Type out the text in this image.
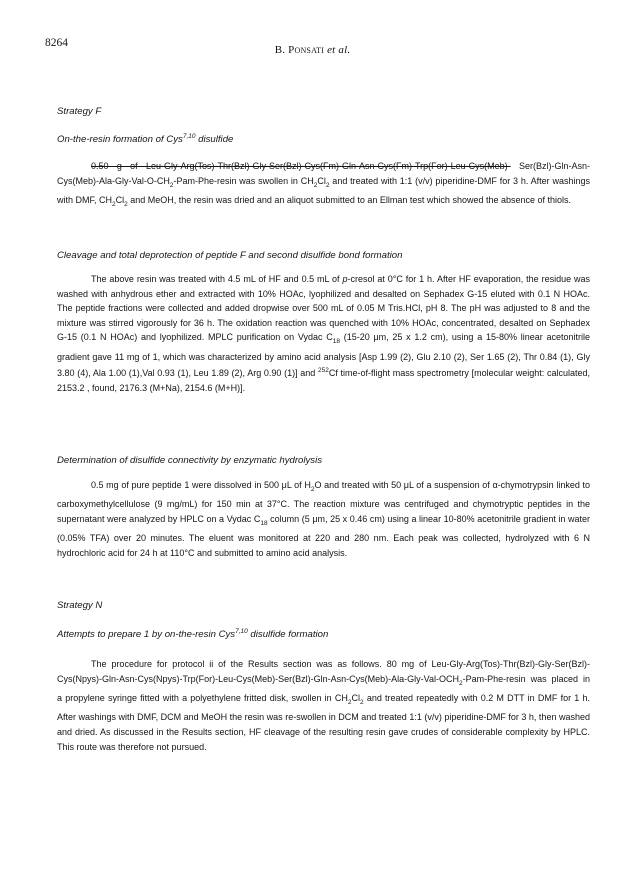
8264
B. Ponsati et al.
Strategy F
On-the-resin formation of Cys$^{7,10}$ disulfide

0.50 g of Leu-Gly-Arg(Tos)-Thr(Bzl)-Gly-Ser(Bzl)-Cys(Fm)-Gln-Asn-Cys(Fm)-Trp(For)-Leu-Cys(Meb)- $Ser(Bzl)-Gln-Asn-Cys(Meb)-Ala-Gly-Val-O-CH_2-Pam-Phe$-resin was swollen in $CH_2Cl_2$ and treated with 1:1 (v/v) piperidine-DMF for 3 h. After washings with DMF, $CH_2Cl_2$ and MeOH, the resin was dried and an aliquot submitted to an Ellman test which showed the absence of thiols.

Cleavage and total deprotection of peptide F and second disulfide bond formation

The above resin was treated with 4.5 mL of HF and 0.5 mL of p-cresol at 0°C for 1 h. After HF evaporation, the residue was washed with anhydrous ether and extracted with 10% HOAc, lyophilized and desalted on Sephadex G-15 eluted with 0.1 N HOAc. The peptide fractions were collected and added dropwise over 500 mL of 0.05 M Tris.HCl, pH 8. The pH was adjusted to 8 and the mixture was stirred vigorously for 36 h. The oxidation reaction was quenched with 10% HOAc, concentrated, desalted on Sephadex G-15 (0.1 N HOAc) and lyophilized. MPLC purification on Vydac $C_{18}$ (15-20 μm, 25 x 1.2 cm), using a 15-80% linear acetonitrile gradient gave 11 mg of 1, which was characterized by amino acid analysis [Asp 1.99 (2), Glu 2.10 (2), Ser 1.65 (2), Thr 0.84 (1), Gly 3.80 (4), Ala 1.00 (1),Val 0.93 (1), Leu 1.89 (2), Arg 0.90 (1)] and $^{252}$Cf time-of-flight mass spectrometry [molecular weight: calculated, 2153.2 , found, 2176.3 (M+Na), 2154.6 (M+H)].

Determination of disulfide connectivity by enzymatic hydrolysis

0.5 mg of pure peptide 1 were dissolved in 500 μL of $H_2O$ and treated with 50 μL of a suspension of α-chymotrypsin linked to carboxymethylcellulose (9 mg/mL) for 150 min at 37°C. The reaction mixture was centrifuged and chymotryptic peptides in the supernatant were analyzed by HPLC on a Vydac $C_{18}$ column (5 μm, 25 x 0.46 cm) using a linear 10-80% acetonitrile gradient in water (0.05% TFA) over 20 minutes. The eluent was monitored at 220 and 280 nm. Each peak was collected, hydrolyzed with 6 N hydrochloric acid for 24 h at 110°C and submitted to amino acid analysis.

Strategy N
Attempts to prepare 1 by on-the-resin Cys$^{7,10}$ disulfide formation

The procedure for protocol ii of the Results section was as follows. 80 mg of Leu-Gly-Arg(Tos)-Thr(Bzl)-Gly-Ser(Bzl)-Cys(Npys)-Gln-Asn-Cys(Npys)-Trp(For)-Leu-Cys(Meb)-Ser(Bzl)-Gln-Asn-Cys(Meb)-Ala-G$ly-Val-OCH_2-Pam-Phe$-resin was placed in a propylene syringe fitted with a polyethylene fritted disk, swollen in $CH_2Cl_2$ and treated repeatedly with 0.2 M DTT in DMF for 1 h. After washings with DMF, DCM and MeOH the resin was re-swollen in DCM and treated 1:1 (v/v) piperidine-DMF for 3 h, then washed and dried. As discussed in the Results section, HF cleavage of the resulting resin gave crudes of considerable complexity by HPLC. This route was therefore not pursued.
